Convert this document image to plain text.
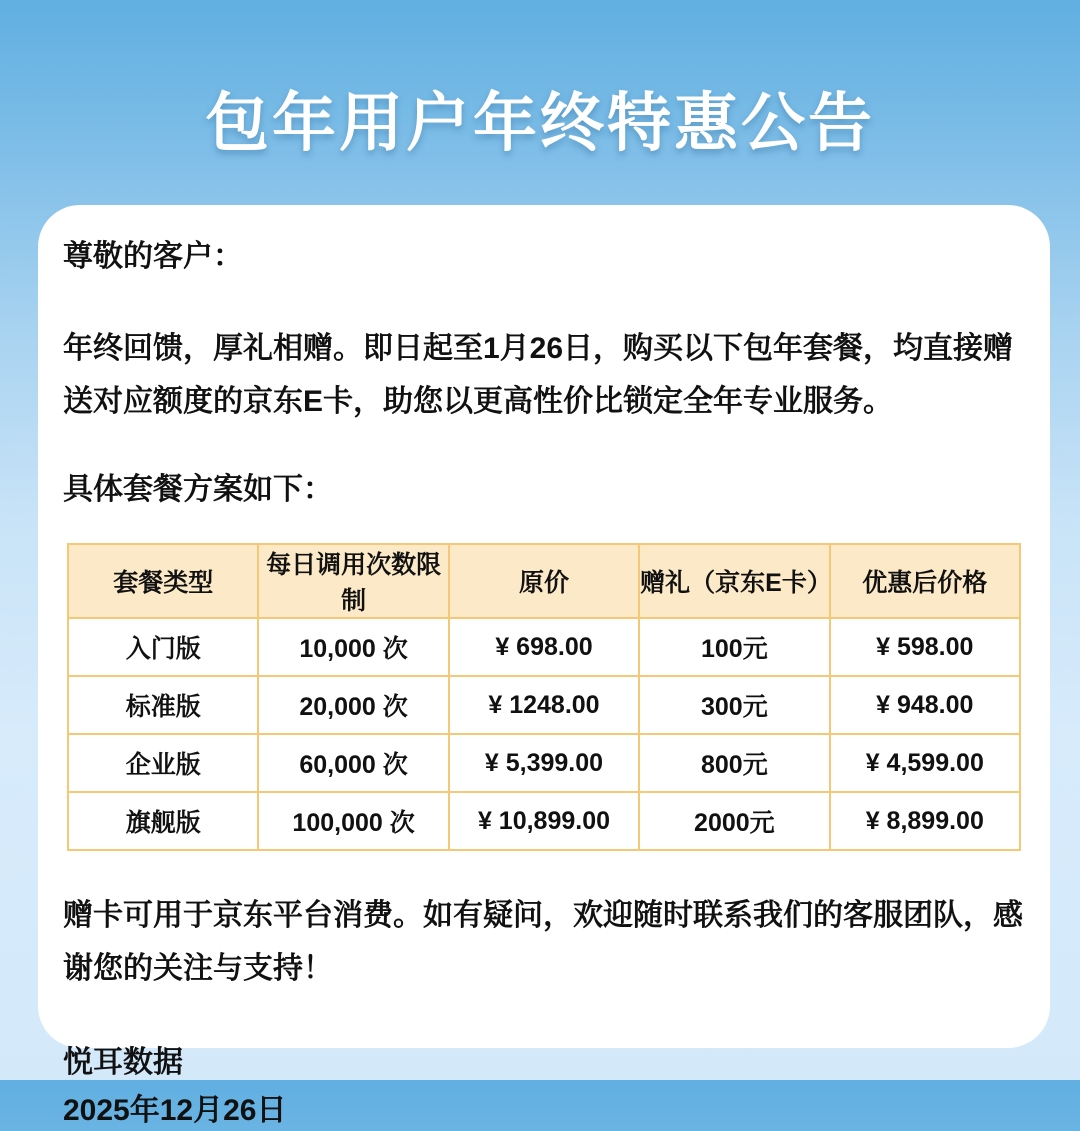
包年用户年终特惠公告

尊敬的客户：

年终回馈，厚礼相赠。即日起至1月26日，购买以下包年套餐，均直接赠送对应额度的京东E卡，助您以更高性价比锁定全年专业服务。

具体套餐方案如下：

套餐类型	每日调用次数限制	原价	赠礼（京东E卡）	优惠后价格
入门版	10,000 次	¥ 698.00	100元	¥ 598.00
标准版	20,000 次	¥ 1248.00	300元	¥ 948.00
企业版	60,000 次	¥ 5,399.00	800元	¥ 4,599.00
旗舰版	100,000 次	¥ 10,899.00	2000元	¥ 8,899.00

赠卡可用于京东平台消费。如有疑问，欢迎随时联系我们的客服团队，感谢您的关注与支持！

悦耳数据

2025年12月26日
